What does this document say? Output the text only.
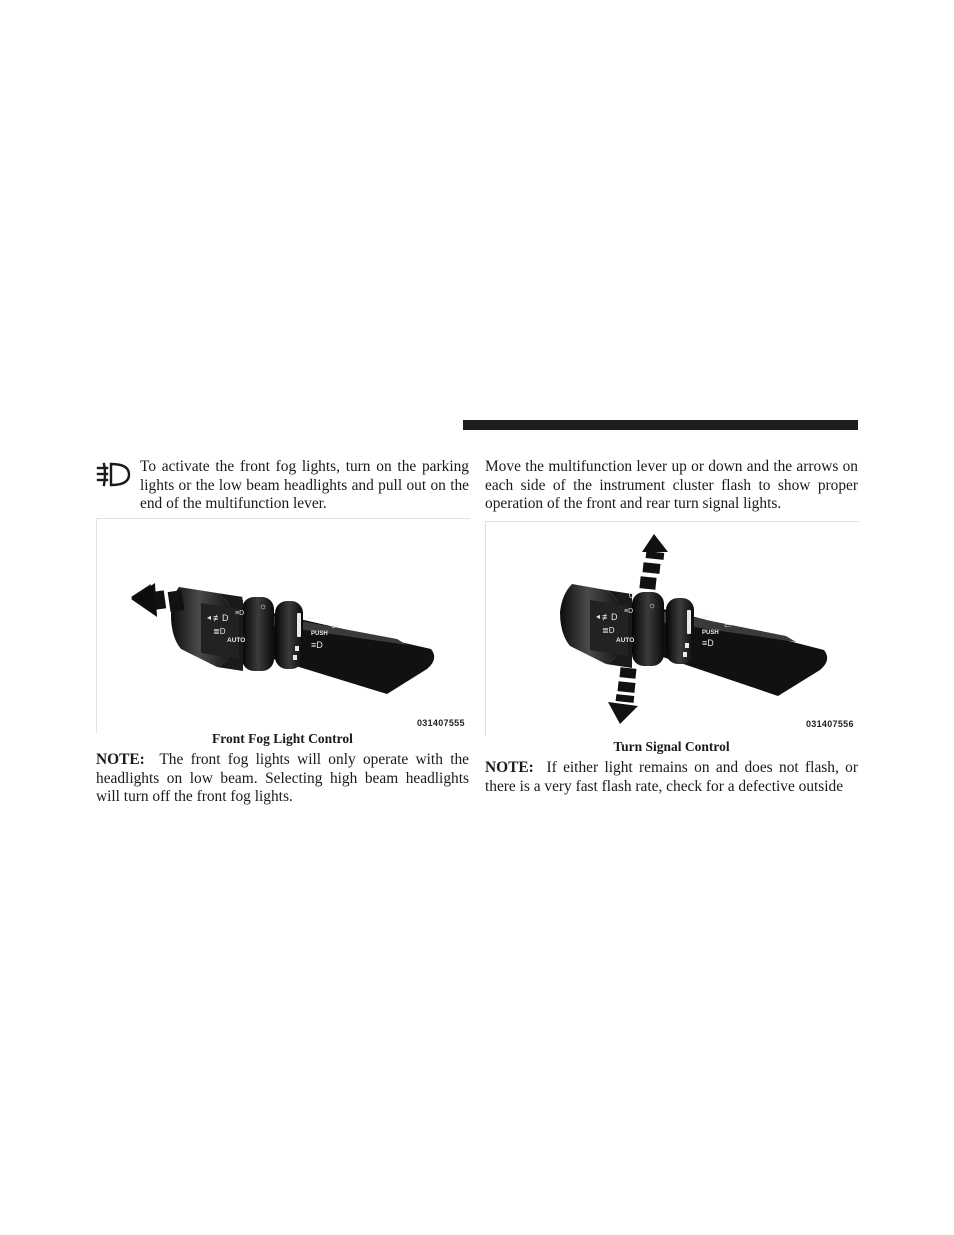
To activate the front fog lights, turn on the parking lights or the low beam headlights and pull out on the end of the multifunction lever.

◂ ≢D
≣D
AUTO
0
≡D
☼
⇦
PUSH
≡D
⇦
031407555

Front Fog Light Control

NOTE: The front fog lights will only operate with the headlights on low beam. Selecting high beam headlights will turn off the front fog lights.

Move the multifunction lever up or down and the arrows on each side of the instrument cluster flash to show proper operation of the front and rear turn signal lights.

◂ ≢D
≣D
AUTO
0
≡D
☼
⇦
PUSH
≡D
⇦
031407556

Turn Signal Control

NOTE: If either light remains on and does not flash, or there is a very fast flash rate, check for a defective outside
